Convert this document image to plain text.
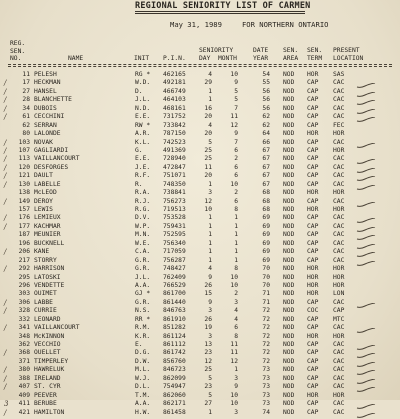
REGIONAL SENIORITY LIST OF CARMEN
May 31, 1989	FOR NORTHERN ONTARIO
REG.
SEN.
NO.	NAME	INIT P.I.N.
SENIORITY
DAY  MONTH
DATE
YEAR
SEN.
AREA
SEN.
TERM
PRESENT
LOCATION
11 PELESH	RG * 462165	4	10	54 NOD HOR SAS
/	17 HECKMAN	W.D. 492181	29	9	55 NOD CAP CAC
/	27 HANSEL	D.	466749	1	5	56 NOD CAP CAC
/	28 BLANCHETTE	J.L. 464103	1	5	56 NOD CAP CAC
/	34 DUBOIS	N.D. 468161	16	7	56 NOD CAP CAC
/	61 CECCHINI	E.E. 731752	20	11	62 NOD CAP CAC
62 SERRAN	RW * 733842	4	12	62 NOD CAP FEC
80 LALONDE	A.R. 787150	20	9	64 NOD HOR HOR
/	103 NOVAK	K.L. 742523	5	7	66 NOD CAP CAC
/	107 GAGLIARDI	G.	491369	25	6	67 NOD CAP HOR
/	113 VAILLANCOURT	E.E. 728940	25	2	67 NOD CAP CAC
/	120 DESFORGES	J.E. 472847	11	6	67 NOD CAP CAC
/	121 DAULT	R.F. 751071	20	6	67 NOD CAP CAC
/	130 LABELLE	R.	748350	1	10	67 NOD CAP CAC
138 McLEOD	R.A. 738841	3	2	68 NOD HOR HOR
/	149 DEROY	R.J. 756273	12	6	68 NOD CAP CAC
157 LEWIS	R.G. 719513	10	8	68 NOD HOR HOR
/	176 LEMIEUX	D.V. 753528	1	1	69 NOD CAP CAC
/	177 KACHMAR	W.P. 759431	1	1	69 NOD CAP CAC
187 MEUNIER	M.N. 752595	1	1	69 NOD CAP CAC
196 BUCKNELL	W.E. 756340	1	1	69 NOD CAP CAC
/	206 KANE	C.A. 717059	1	1	69 NOD CAP CAC
217 STORRY	G.R. 756287	1	1	69 NOD CAP CAC
/	292 HARRISON	G.R. 748427	4	8	70 NOD HOR HOR
295 LATOSKI	J.L. 762409	9	10	70 NOD HOR HOR
296 VENDETTE	A.A. 766529	26	10	70 NOD HOR HOR
303 OUIMET	GJ * 861700	15	2	71 NOD HOR LON
/	306 LABBE	G.R. 861440	9	3	71 NOD CAP CAC
/	328 CURRIE	N.S. 846763	3	4	72 NOD COC CAP
332 LEONARD	RR * 861910	26	4	72 NOD CAP MTC
/	341 VAILLANCOURT	R.M. 851282	19	6	72 NOD CAP CAC
348 McKINNON	K.R. 861124	3	8	72 NOD HOR HOR
362 VECCHIO	E.	861112	13	11	72 NOD CAP CAC
/	368 OUELLET	D.G. 861742	23	11	72 NOD CAP CAC
371 TIMPERLEY	D.W. 856760	12	12	72 NOD CAP CAC
/	380 HAWRELUK	M.L. 846723	25	1	73 NOD CAP CAC
/	388 IRELAND	W.J. 862099	5	3	73 NOD CAP CAC
/	407 ST. CYR	D.L. 754947	23	9	73 NOD CAP CAC
409 PEEVER	T.M. 862060	5	10	73 NOD HOR HOR
3	411 BERUBE	A.A. 862171	27	10	73 NOD CAP CAC
/	421 HAMILTON	H.W. 861458	1	3	74 NOD CAP CAC
